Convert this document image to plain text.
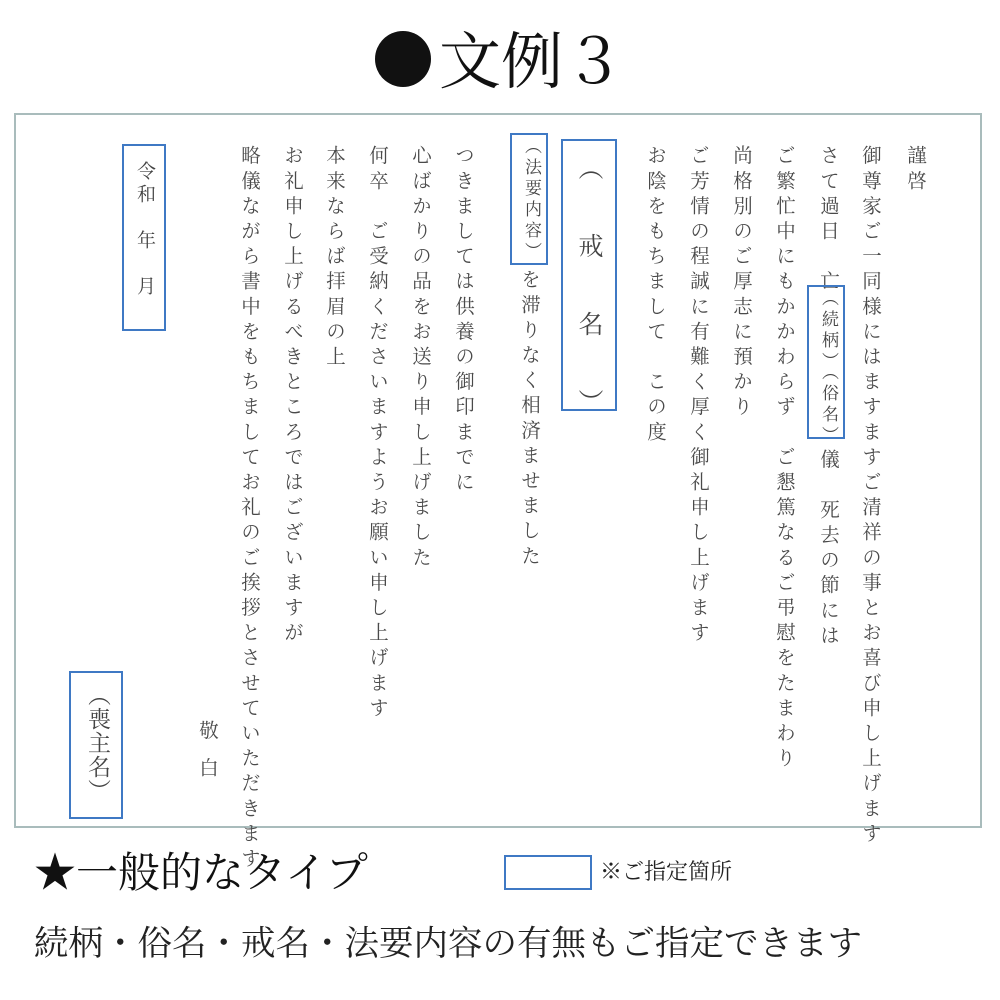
文例３
謹啓
御尊家ご一同様にはますますご清祥の事とお喜び申し上げます
さて過日　亡
（続柄）
（俗名）
儀　死去の節には
ご繁忙中にもかかわらず　ご懇篤なるご弔慰をたまわり
尚格別のご厚志に預かり
ご芳情の程誠に有難く厚く御礼申し上げます
お陰をもちまして　この度
（ 戒 名 ）
（法要内容）
を滞りなく相済ませました
つきましては供養の御印までに
心ばかりの品をお送り申し上げました
何卒　ご受納くださいますようお願い申し上げます
本来ならば拝眉の上
お礼申し上げるべきところではございますが
略儀ながら書中をもちましてお礼のご挨拶とさせていただきます
敬白
令和　年　月
（喪主名）
★一般的なタイプ	※ご指定箇所
続柄・俗名・戒名・法要内容の有無もご指定できます
